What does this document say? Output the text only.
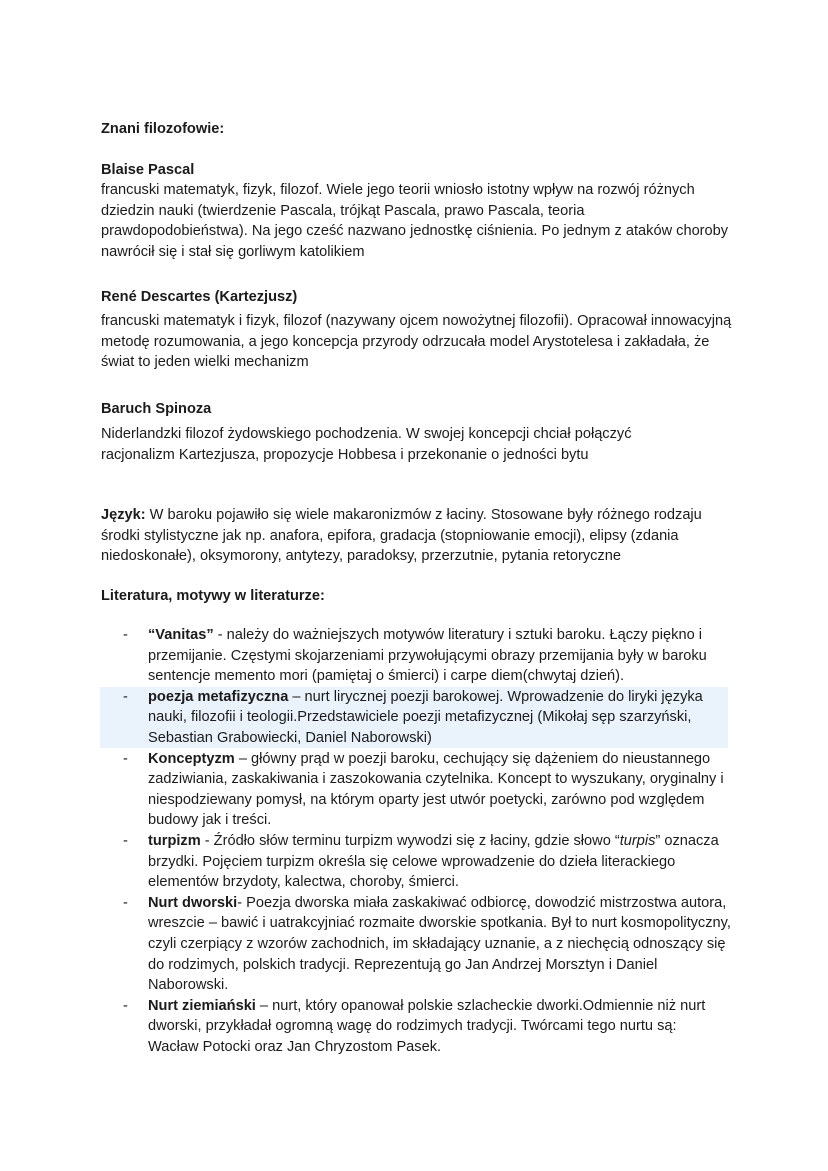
Znani filozofowie:

Blaise Pascal

francuski matematyk, fizyk, filozof. Wiele jego teorii wniosło istotny wpływ na rozwój różnych dziedzin nauki (twierdzenie Pascala, trójkąt Pascala, prawo Pascala, teoria prawdopodobieństwa). Na jego cześć nazwano jednostkę ciśnienia. Po jednym z ataków choroby nawrócił się i stał się gorliwym katolikiem

René Descartes (Kartezjusz)

francuski matematyk i fizyk, filozof (nazywany ojcem nowożytnej filozofii). Opracował innowacyjną metodę rozumowania, a jego koncepcja przyrody odrzucała model Arystotelesa i zakładała, że świat to jeden wielki mechanizm

Baruch Spinoza

Niderlandzki filozof żydowskiego pochodzenia. W swojej koncepcji chciał połączyć racjonalizm Kartezjusza, propozycje Hobbesa i przekonanie o jedności bytu

Język: W baroku pojawiło się wiele makaronizmów z łaciny. Stosowane były różnego rodzaju środki stylistyczne jak np. anafora, epifora, gradacja (stopniowanie emocji), elipsy (zdania niedoskonałe), oksymorony, antytezy, paradoksy, przerzutnie, pytania retoryczne

Literatura, motywy w literaturze:

- “Vanitas” - należy do ważniejszych motywów literatury i sztuki baroku. Łączy piękno i przemijanie. Częstymi skojarzeniami przywołującymi obrazy przemijania były w baroku sentencje memento mori (pamiętaj o śmierci) i carpe diem(chwytaj dzień).
- poezja metafizyczna – nurt lirycznej poezji barokowej. Wprowadzenie do liryki języka nauki, filozofii i teologii.Przedstawiciele poezji metafizycznej (Mikołaj sęp szarzyński, Sebastian Grabowiecki, Daniel Naborowski)
- Konceptyzm – główny prąd w poezji baroku, cechujący się dążeniem do nieustannego zadziwiania, zaskakiwania i zaszokowania czytelnika. Koncept to wyszukany, oryginalny i niespodziewany pomysł, na którym oparty jest utwór poetycki, zarówno pod względem budowy jak i treści.
- turpizm - Źródło słów terminu turpizm wywodzi się z łaciny, gdzie słowo “turpis” oznacza brzydki. Pojęciem turpizm określa się celowe wprowadzenie do dzieła literackiego elementów brzydoty, kalectwa, choroby, śmierci.
- Nurt dworski- Poezja dworska miała zaskakiwać odbiorcę, dowodzić mistrzostwa autora, wreszcie – bawić i uatrakcyjniać rozmaite dworskie spotkania. Był to nurt kosmopolityczny, czyli czerpiący z wzorów zachodnich, im składający uznanie, a z niechęcią odnoszący się do rodzimych, polskich tradycji. Reprezentują go Jan Andrzej Morsztyn i Daniel Naborowski.
- Nurt ziemiański – nurt, który opanował polskie szlacheckie dworki.Odmiennie niż nurt dworski, przykładał ogromną wagę do rodzimych tradycji. Twórcami tego nurtu są: Wacław Potocki oraz Jan Chryzostom Pasek.
